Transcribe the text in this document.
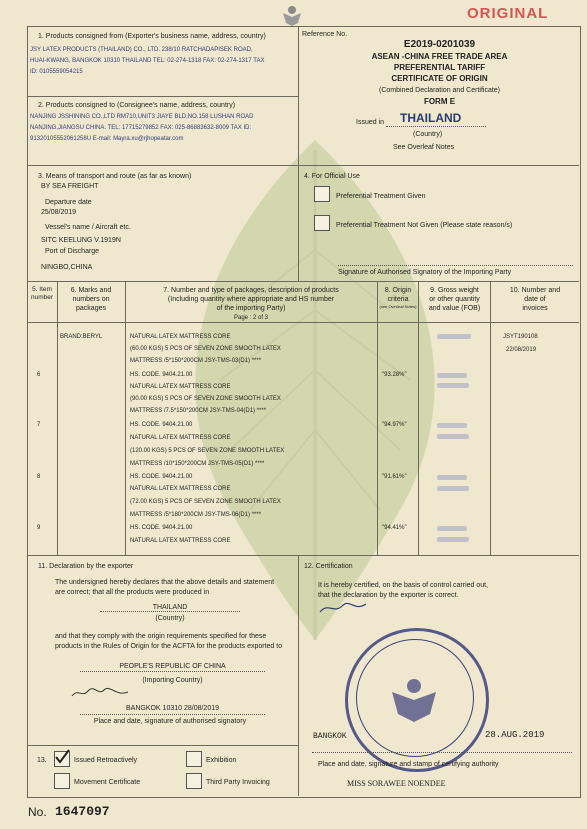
ORIGINAL
1. Products consigned from (Exporter's business name, address, country)
JSY LATEX PRODUCTS (THAILAND) CO., LTD. 238/10 RATCHADAPISEK ROAD,
HUAI-KWANG, BANGKOK 10310 THAILAND TEL: 02-274-1318 FAX: 02-274-1317 TAX
ID: 0105559054215
2. Products consigned to (Consignee's name, address, country)
NANJING JSSHINING CO.,LTD RM710,UNIT3 JIAYE BLD,NO.158 LUSHAN ROAD
NANJING,JIANGSU CHINA. TEL: 17715279852 FAX: 025-86883632-8009 TAX ID:
91320105552061258U E-mail: Mayra.xu@rjhopeatar.com
Reference No.
E2019-0201039
ASEAN -CHINA FREE TRADE AREA
PREFERENTIAL TARIFF
CERTIFICATE OF ORIGIN
(Combined Declaration and Certificate)
FORM E
Issued in THAILAND
(Country)
See Overleaf Notes
3. Means of transport and route (as far as known)
BY SEA FREIGHT
Departure date
25/08/2019
Vessel's name / Aircraft etc.
SITC KEELUNG V.1919N
Port of Discharge
NINGBO,CHINA
4. For Official Use
Preferential Treatment Given
Preferential Treatment Not Given (Please state reason/s)
Signature of Authorised Signatory of the Importing Party
5. Item number
6. Marks and
numbers on
packages
7. Number and type of packages, description of products
(Including quantity where appropriate and HS number
of the importing Party)
Page : 2 of 3
8. Origin
criteria
(see Overleaf Notes)
9. Gross weight
or other quantity
and value (FOB)
10. Number and
date of
invoices
BRAND:BERYL	JSYT190108
22/08/2019
NATURAL LATEX MATTRESS CORE
(60.00 KGS) 5 PCS OF SEVEN ZONE SMOOTH LATEX
MATTRESS /5*150*200CM JSY-TMS-03(D1) ****
6	HS. CODE. 9404.21.00	"93.28%"
NATURAL LATEX MATTRESS CORE
(90.00 KGS) 5 PCS OF SEVEN ZONE SMOOTH LATEX
MATTRESS /7.5*150*200CM JSY-TMS-04(D1) ****
7	HS. CODE. 9404.21.00	"94.97%"
NATURAL LATEX MATTRESS CORE
(120.00 KGS) 5 PCS OF SEVEN ZONE SMOOTH LATEX
MATTRESS /10*150*200CM JSY-TMS-05(D1) ****
8	HS. CODE. 9404.21.00	"91.61%"
NATURAL LATEX MATTRESS CORE
(72.00 KGS) 5 PCS OF SEVEN ZONE SMOOTH LATEX
MATTRESS /5*180*200CM JSY-TMS-06(D1) ****
9	HS. CODE. 9404.21.00	"94.41%"
NATURAL LATEX MATTRESS CORE
11. Declaration by the exporter
The undersigned hereby declares that the above details and statement
are correct; that all the products were produced in
THAILAND
(Country)
and that they comply with the origin requirements specified for these
products in the Rules of Origin for the ACFTA for the products exported to
PEOPLE'S REPUBLIC OF CHINA
(Importing Country)
BANGKOK 10310 28/08/2019
Place and date, signature of authorised signatory
12. Certification
It is hereby certified, on the basis of control carried out,
that the declaration by the exporter is correct.
BANGKOK	28.AUG.2019
Place and date, signature and stamp of certifying authority
MISS SORAWEE NOENDEE
13.	Issued Retroactively	Exhibition
Movement Certificate	Third Party Invoicing
No. 1647097
